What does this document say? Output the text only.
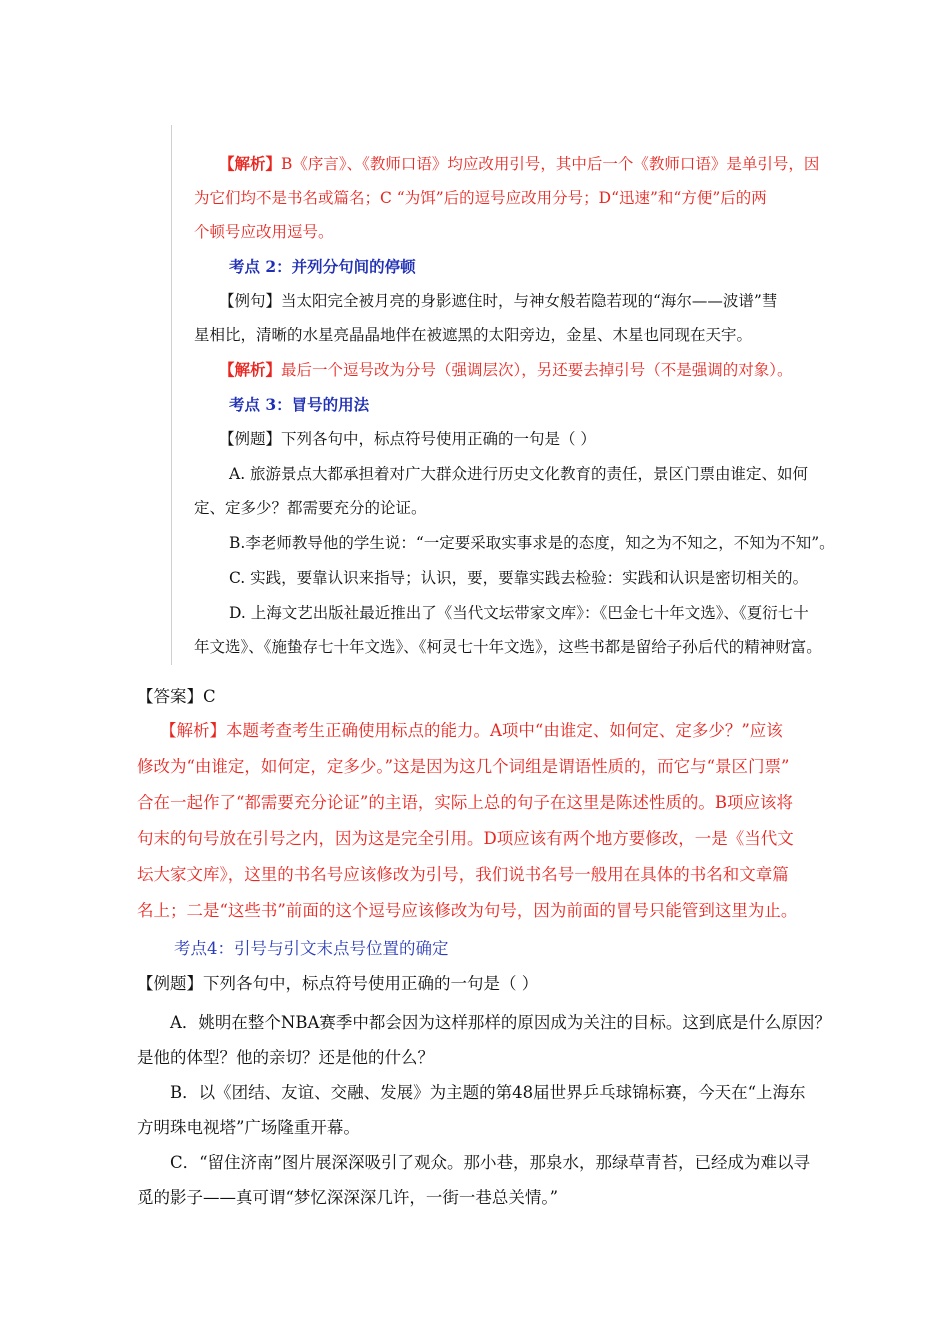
【解析】B《序言》、《教师口语》均应改用引号，其中后一个《教师口语》是单引号，因
为它们均不是书名或篇名；C “为饵”后的逗号应改用分号；D“迅速”和“方便”后的两
个顿号应改用逗号。
考点 2：并列分句间的停顿
【例句】当太阳完全被月亮的身影遮住时，与神女般若隐若现的“海尔——波谱”彗
星相比，清晰的水星亮晶晶地伴在被遮黑的太阳旁边，金星、木星也同现在天宇。
【解析】最后一个逗号改为分号（强调层次），另还要去掉引号（不是强调的对象）。
考点 3：冒号的用法
【例题】下列各句中，标点符号使用正确的一句是（ ）
A. 旅游景点大都承担着对广大群众进行历史文化教育的责任，景区门票由谁定、如何
定、定多少？都需要充分的论证。
B.李老师教导他的学生说：“一定要采取实事求是的态度，知之为不知之，不知为不知”。
C. 实践，要靠认识来指导；认识，要，要靠实践去检验：实践和认识是密切相关的。
D. 上海文艺出版社最近推出了《当代文坛带家文库》：《巴金七十年文选》、《夏衍七十
年文选》、《施蛰存七十年文选》、《柯灵七十年文选》，这些书都是留给子孙后代的精神财富。
【答案】C
【解析】本题考查考生正确使用标点的能力。A项中“由谁定、如何定、定多少？”应该
修改为“由谁定，如何定，定多少。”这是因为这几个词组是谓语性质的，而它与“景区门票”
合在一起作了“都需要充分论证”的主语，实际上总的句子在这里是陈述性质的。B项应该将
句末的句号放在引号之内，因为这是完全引用。D项应该有两个地方要修改，一是《当代文
坛大家文库》，这里的书名号应该修改为引号，我们说书名号一般用在具体的书名和文章篇
名上；二是“这些书”前面的这个逗号应该修改为句号，因为前面的冒号只能管到这里为止。
考点4：引号与引文末点号位置的确定
【例题】下列各句中，标点符号使用正确的一句是（ ）
A．姚明在整个NBA赛季中都会因为这样那样的原因成为关注的目标。这到底是什么原因？
是他的体型？他的亲切？还是他的什么？
B．以《团结、友谊、交融、发展》为主题的第48届世界乒乓球锦标赛，今天在“上海东
方明珠电视塔”广场隆重开幕。
C．“留住济南”图片展深深吸引了观众。那小巷，那泉水，那绿草青苔，已经成为难以寻
觅的影子——真可谓“梦忆深深深几许，一街一巷总关情。”
